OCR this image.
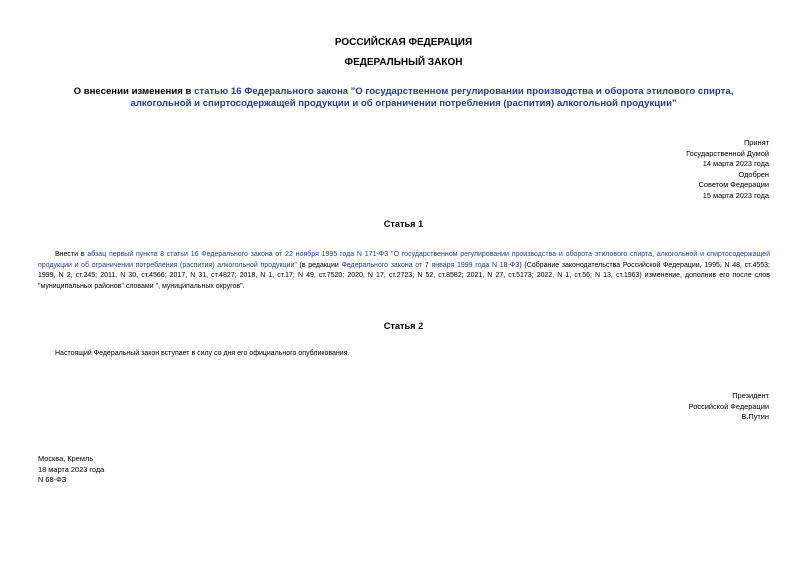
РОССИЙСКАЯ ФЕДЕРАЦИЯ
ФЕДЕРАЛЬНЫЙ ЗАКОН
О внесении изменения в статью 16 Федерального закона "О государственном регулировании производства и оборота этилового спирта, алкогольной и спиртосодержащей продукции и об ограничении потребления (распития) алкогольной продукции"
Принят
Государственной Думой
14 марта 2023 года
Одобрен
Советом Федерации
15 марта 2023 года
Статья 1
Внести в абзац первый пункта 8 статьи 16 Федерального закона от 22 ноября 1995 года N 171-ФЗ "О государственном регулировании производства и оборота этилового спирта, алкогольной и спиртосодержащей продукции и об ограничении потребления (распития) алкогольной продукции" (в редакции Федерального закона от 7 января 1999 года N 18-ФЗ) (Собрание законодательства Российской Федерации, 1995, N 48, ст.4553; 1999, N 2, ст.245; 2011, N 30, ст.4566; 2017, N 31, ст.4827; 2018, N 1, ст.17; N 49, ст.7520; 2020, N 17, ст.2723; N 52, ст.8582; 2021, N 27, ст.5173; 2022, N 1, ст.56; N 13, ст.1963) изменение, дополнив его после слов "муниципальных районов" словами ", муниципальных округов".
Статья 2
Настоящий Федеральный закон вступает в силу со дня его официального опубликования.
Президент
Российской Федерации
В.Путин
Москва, Кремль
18 марта 2023 года
N 68-ФЗ
